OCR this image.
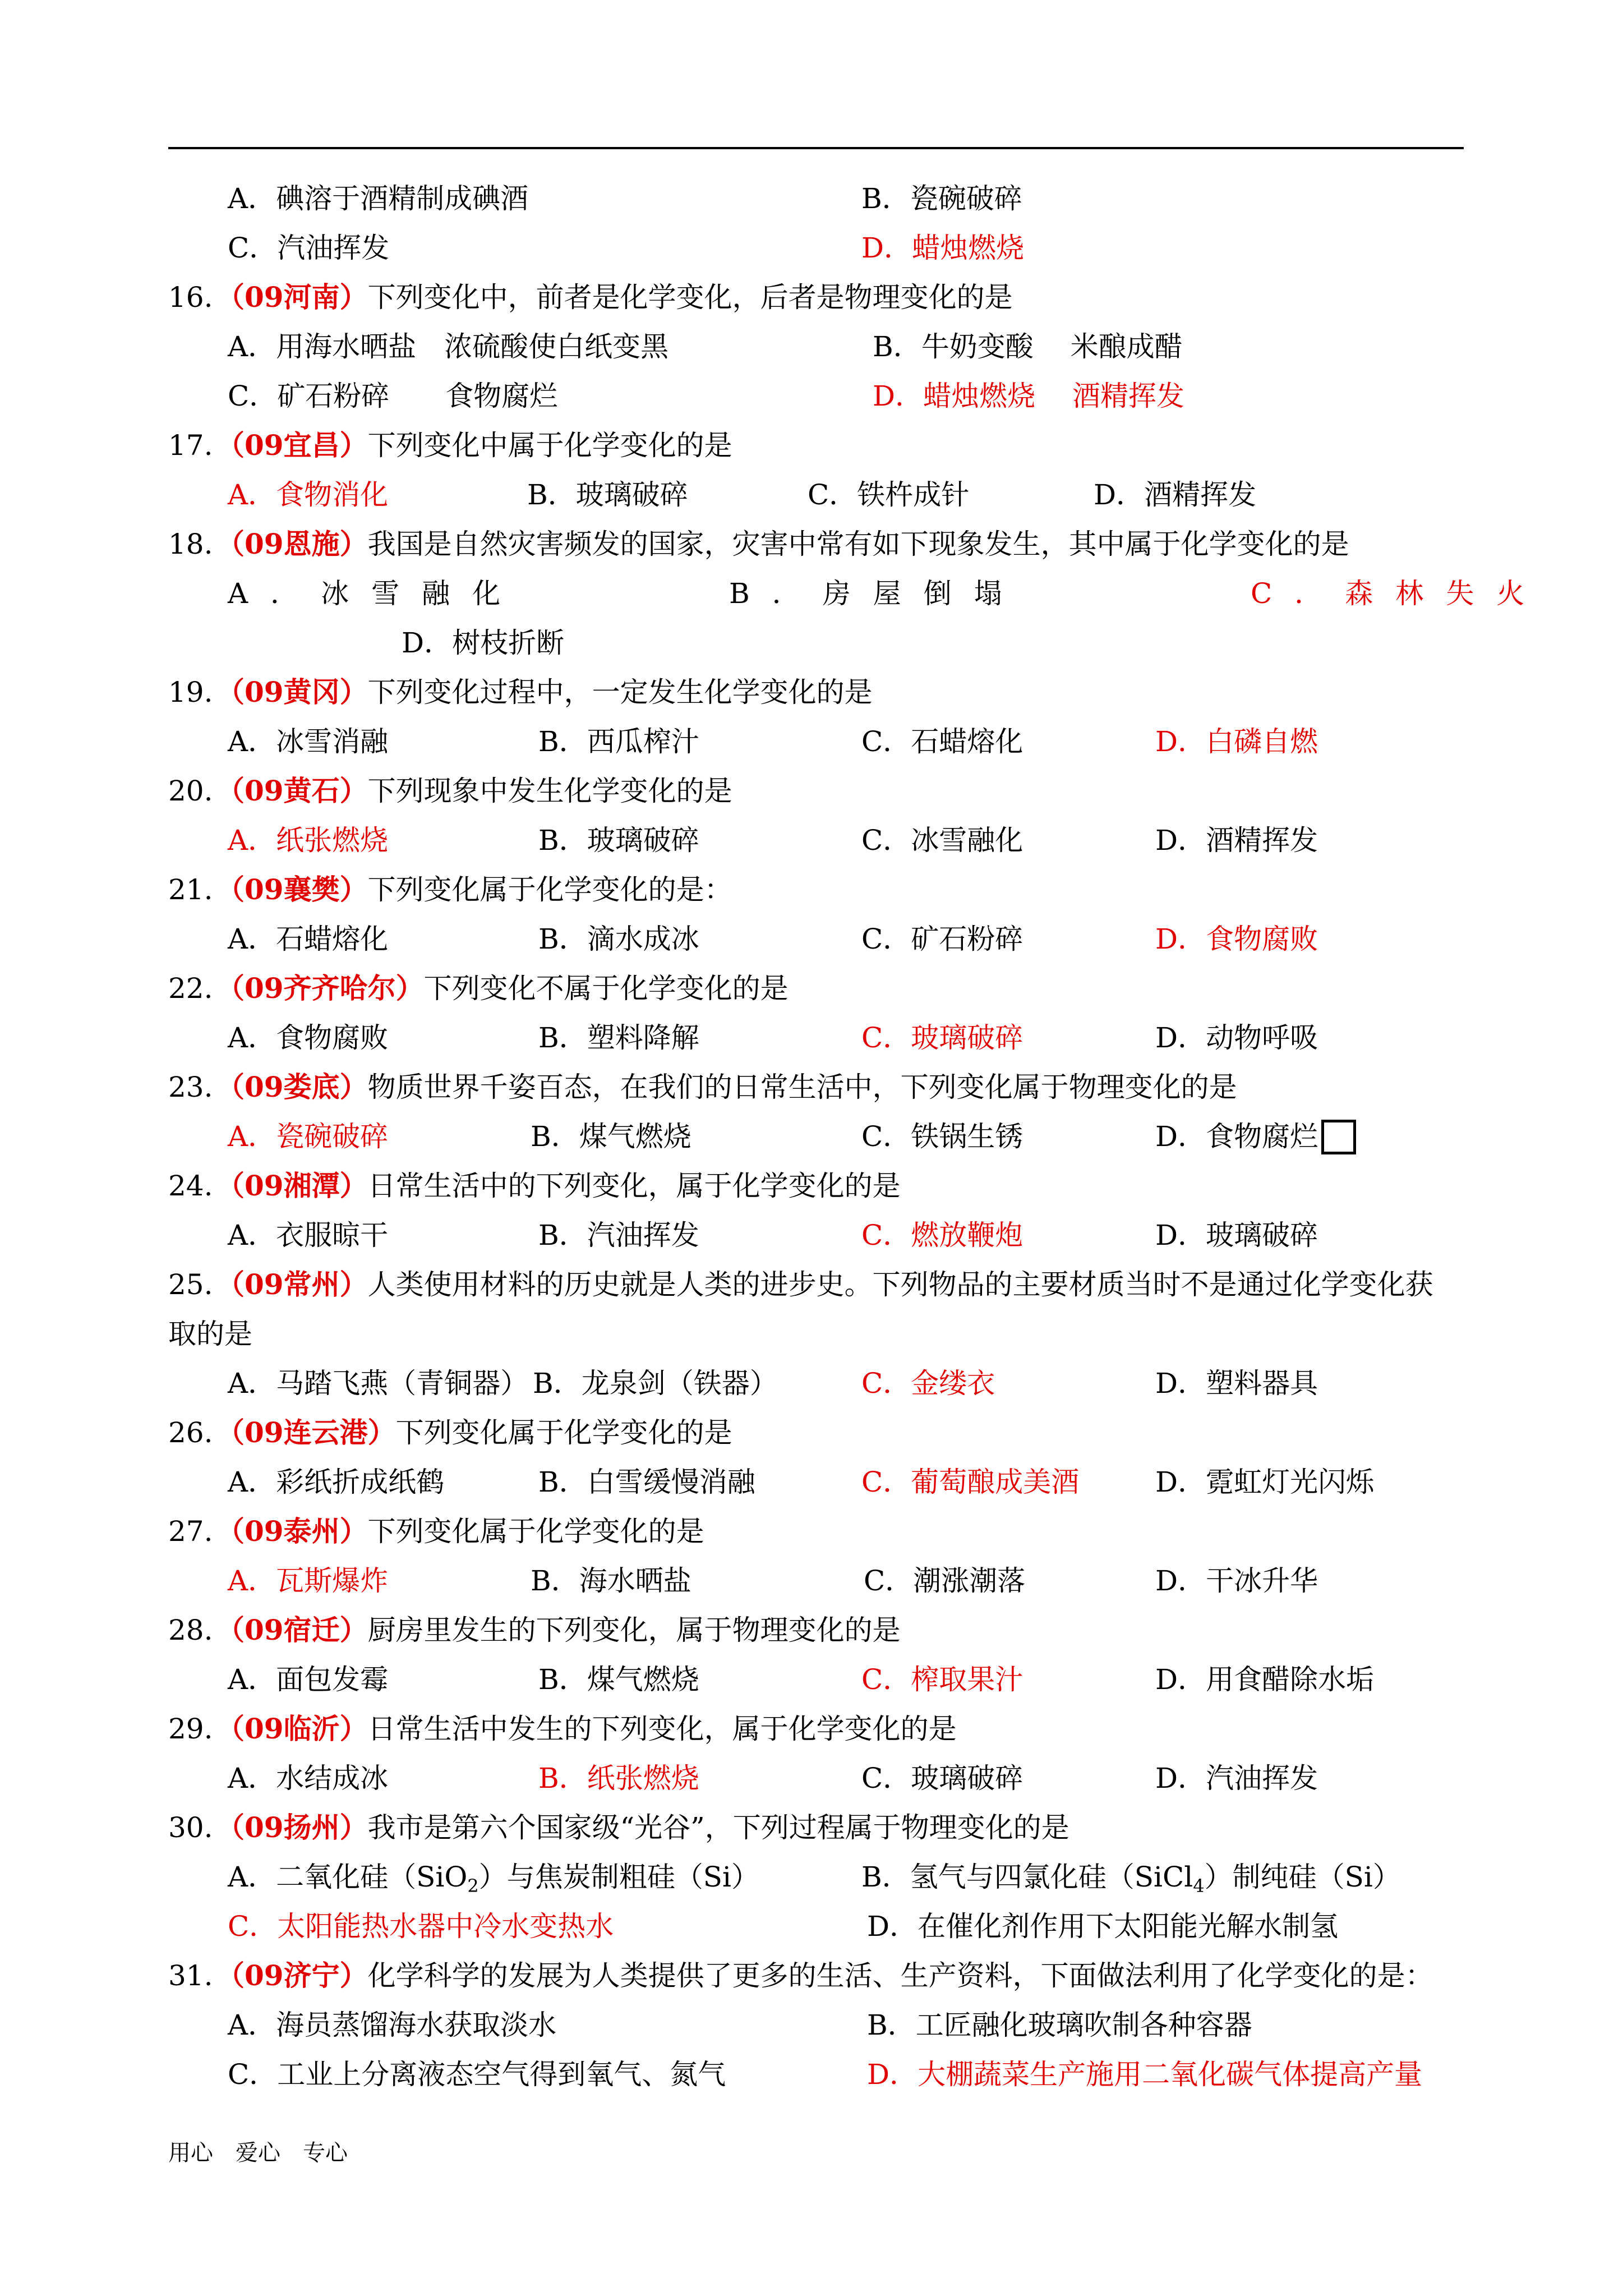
A．碘溶于酒精制成碘酒	B．瓷碗破碎
C．汽油挥发	D．蜡烛燃烧
16. （09河南）下列变化中，前者是化学变化，后者是物理变化的是
A．用海水晒盐　浓硫酸使白纸变黑	B．牛奶变酸　 米酿成醋
C．矿石粉碎　　食物腐烂	D．蜡烛燃烧　 酒精挥发
17. （09宜昌）下列变化中属于化学变化的是
A．食物消化	B．玻璃破碎	C．铁杵成针	D．酒精挥发
18. （09恩施）我国是自然灾害频发的国家，灾害中常有如下现象发生，其中属于化学变化的是
A．冰雪融化	B．房屋倒塌	C．森林失火
D．树枝折断
19. （09黄冈）下列变化过程中，一定发生化学变化的是
A．冰雪消融	B．西瓜榨汁	C．石蜡熔化	D．白磷自燃
20. （09黄石）下列现象中发生化学变化的是
A．纸张燃烧	B．玻璃破碎	C．冰雪融化	D．酒精挥发
21. （09襄樊）下列变化属于化学变化的是：
A．石蜡熔化	B．滴水成冰	C．矿石粉碎	D．食物腐败
22. （09齐齐哈尔）下列变化不属于化学变化的是
A．食物腐败	B．塑料降解	C．玻璃破碎	D．动物呼吸
23. （09娄底）物质世界千姿百态，在我们的日常生活中，下列变化属于物理变化的是
A．瓷碗破碎	B．煤气燃烧	C．铁锅生锈	D．食物腐烂
24. （09湘潭）日常生活中的下列变化，属于化学变化的是
A．衣服晾干	B．汽油挥发	C．燃放鞭炮	D．玻璃破碎
25. （09常州）人类使用材料的历史就是人类的进步史。下列物品的主要材质当时不是通过化学变化获
取的是
A．马踏飞燕（青铜器） B．龙泉剑（铁器）	C．金缕衣	D．塑料器具
26. （09连云港）下列变化属于化学变化的是
A．彩纸折成纸鹤	B．白雪缓慢消融	C．葡萄酿成美酒	D．霓虹灯光闪烁
27. （09泰州）下列变化属于化学变化的是
A．瓦斯爆炸	B．海水晒盐	C．潮涨潮落	D．干冰升华
28. （09宿迁）厨房里发生的下列变化，属于物理变化的是
A．面包发霉	B．煤气燃烧	C．榨取果汁	D．用食醋除水垢
29. （09临沂）日常生活中发生的下列变化，属于化学变化的是
A．水结成冰	B．纸张燃烧	C．玻璃破碎	D．汽油挥发
30. （09扬州）我市是第六个国家级“光谷”，下列过程属于物理变化的是
A．二氧化硅（SiO$_2$）与焦炭制粗硅（Si）	B．氢气与四氯化硅（SiCl$_4$）制纯硅（Si）
C．太阳能热水器中冷水变热水	D．在催化剂作用下太阳能光解水制氢
31. （09济宁）化学科学的发展为人类提供了更多的生活、生产资料，下面做法利用了化学变化的是：
A．海员蒸馏海水获取淡水	B．工匠融化玻璃吹制各种容器
C．工业上分离液态空气得到氧气、氮气	D．大棚蔬菜生产施用二氧化碳气体提高产量
用心　爱心　专心
